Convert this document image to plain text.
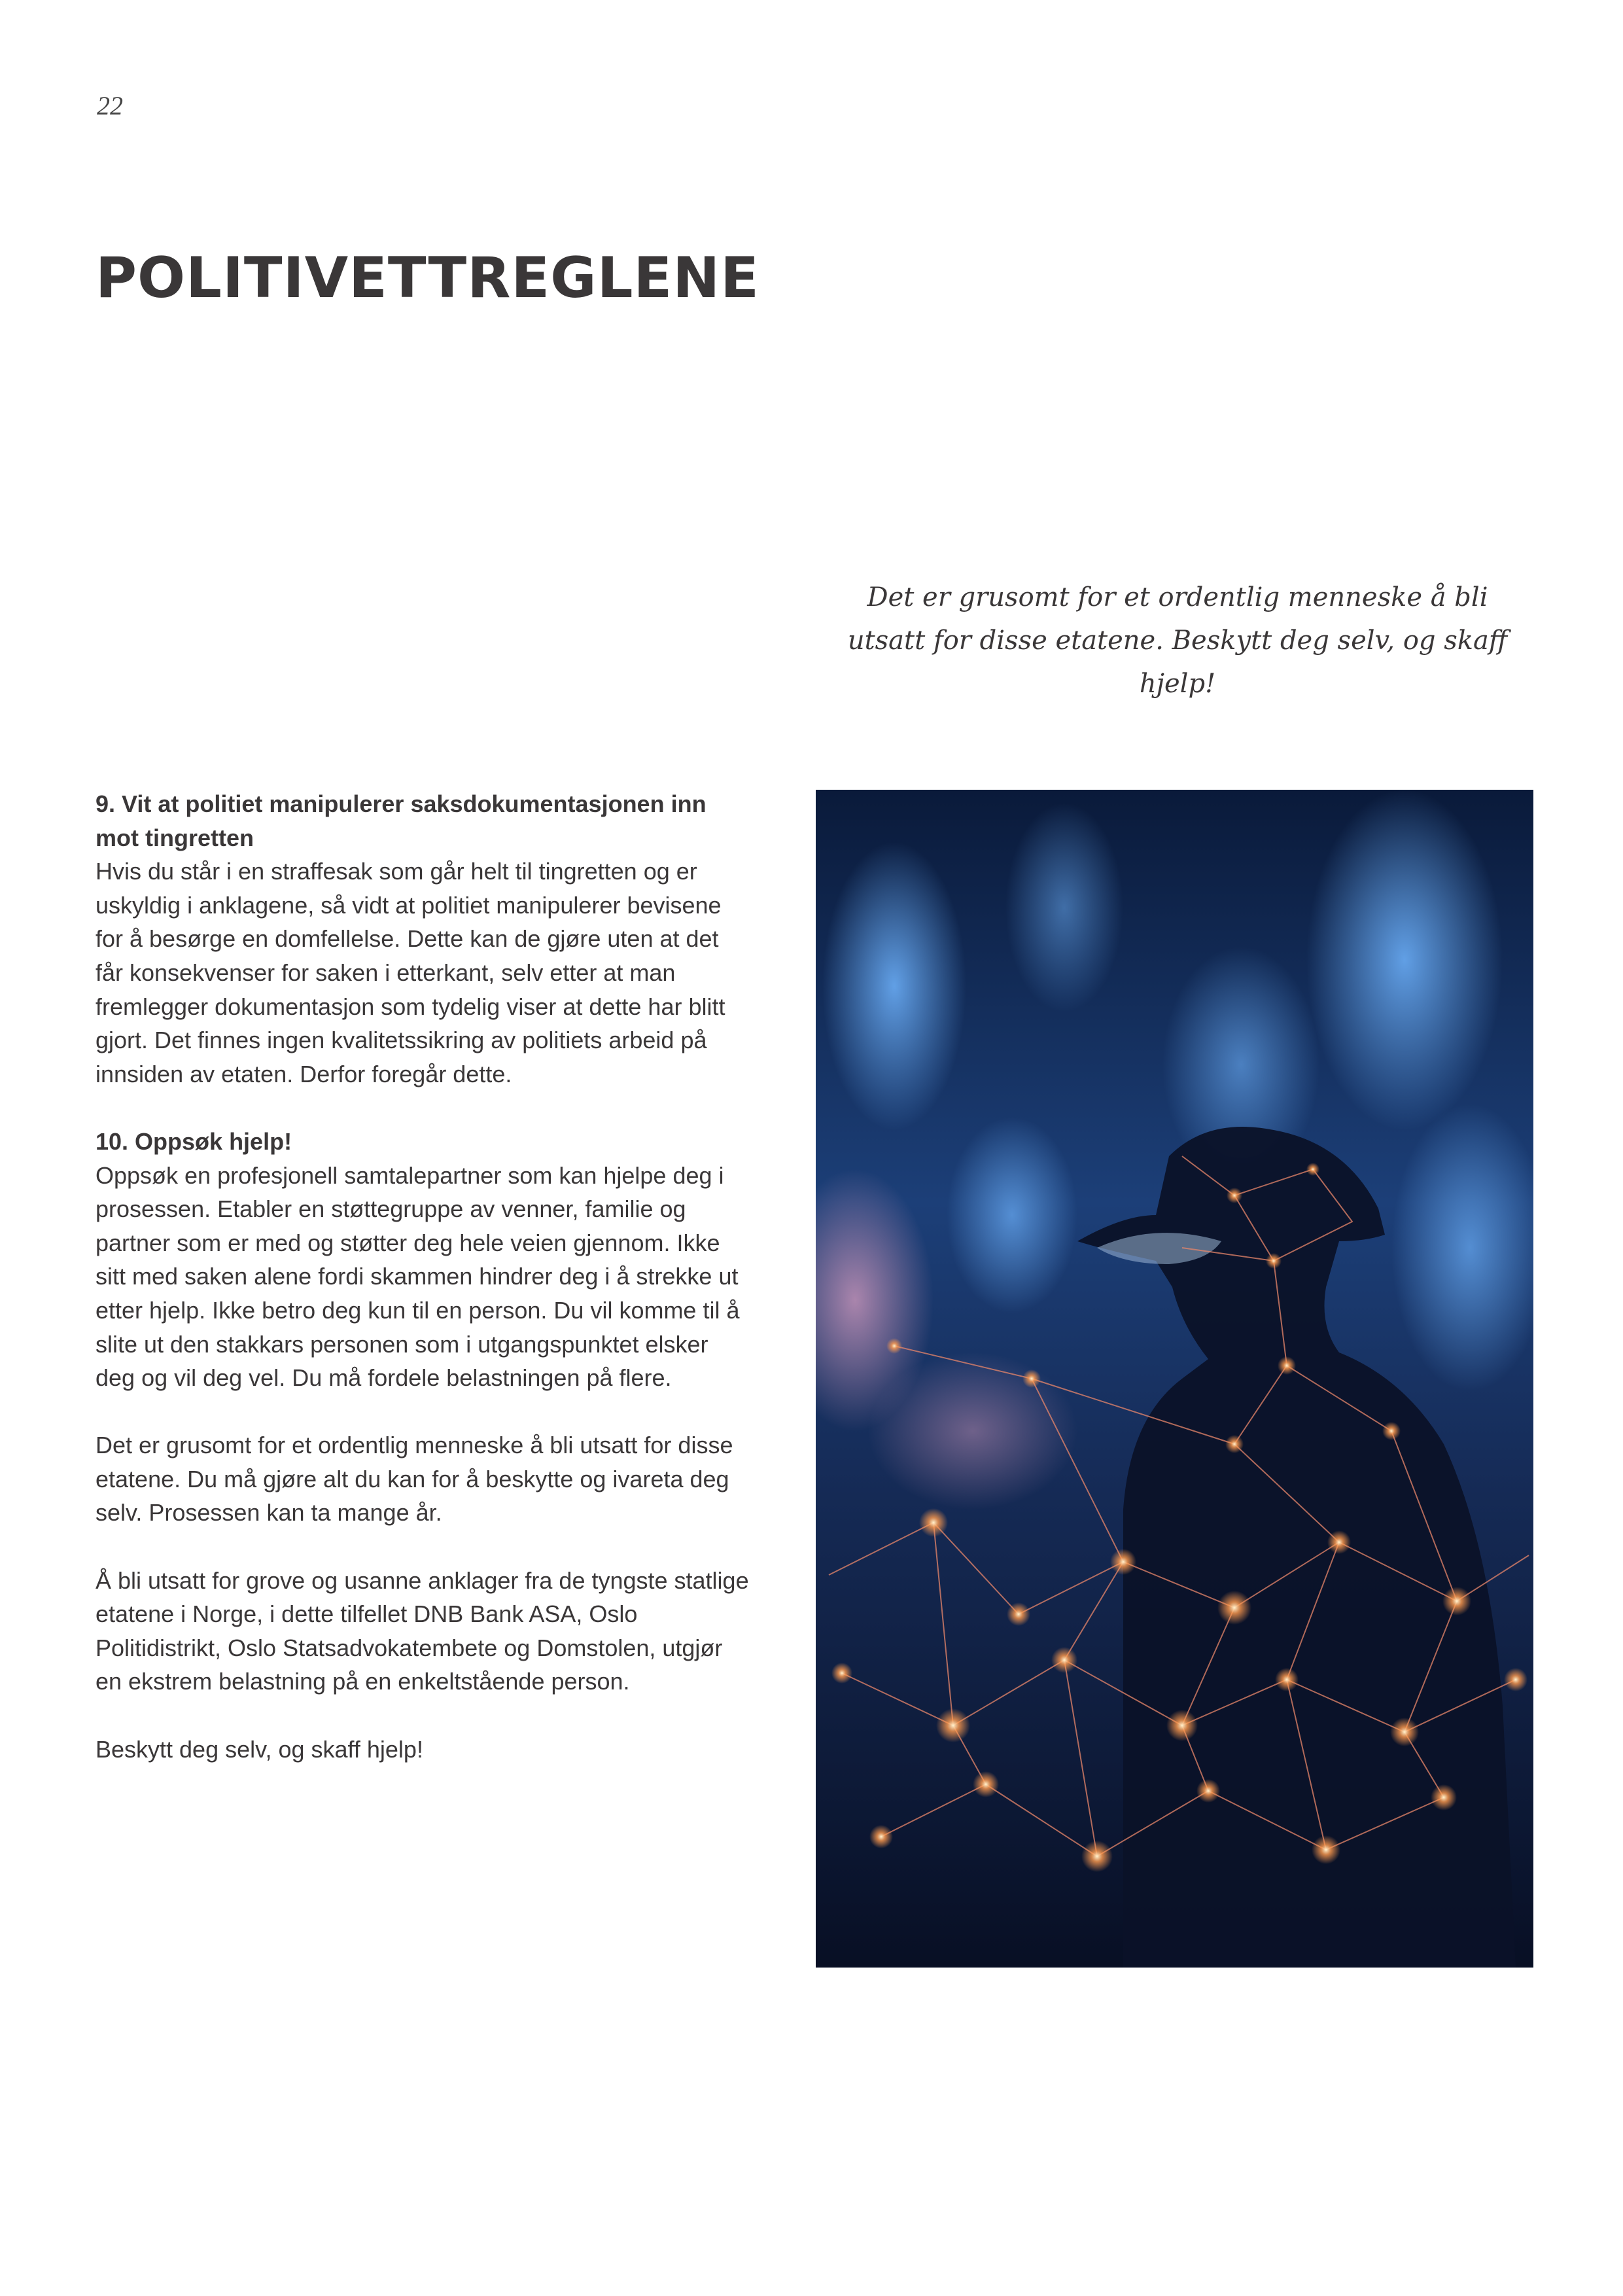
22
POLITIVETTREGLENE
Det er grusomt for et ordentlig menneske å bli utsatt for disse etatene. Beskytt deg selv, og skaff hjelp!

9. Vit at politiet manipulerer saksdokumentasjonen inn mot tingretten
Hvis du står i en straffesak som går helt til tingretten og er uskyldig i anklagene, så vidt at politiet manipulerer bevisene for å besørge en domfellelse. Dette kan de gjøre uten at det får konsekvenser for saken i etterkant, selv etter at man fremlegger dokumentasjon som tydelig viser at dette har blitt gjort. Det finnes ingen kvalitetssikring av politiets arbeid på innsiden av etaten. Derfor foregår dette.

10. Oppsøk hjelp!
Oppsøk en profesjonell samtalepartner som kan hjelpe deg i prosessen. Etabler en støttegruppe av venner, familie og partner som er med og støtter deg hele veien gjennom. Ikke sitt med saken alene fordi skammen hindrer deg i å strekke ut etter hjelp. Ikke betro deg kun til en person. Du vil komme til å slite ut den stakkars personen som i utgangspunktet elsker deg og vil deg vel. Du må fordele belastningen på flere.

Det er grusomt for et ordentlig menneske å bli utsatt for disse etatene. Du må gjøre alt du kan for å beskytte og ivareta deg selv. Prosessen kan ta mange år.

Å bli utsatt for grove og usanne anklager fra de tyngste statlige etatene i Norge, i dette tilfellet DNB Bank ASA, Oslo Politidistrikt, Oslo Statsadvokatembete og Domstolen, utgjør en ekstrem belastning på en enkeltstående person.

Beskytt deg selv, og skaff hjelp!
